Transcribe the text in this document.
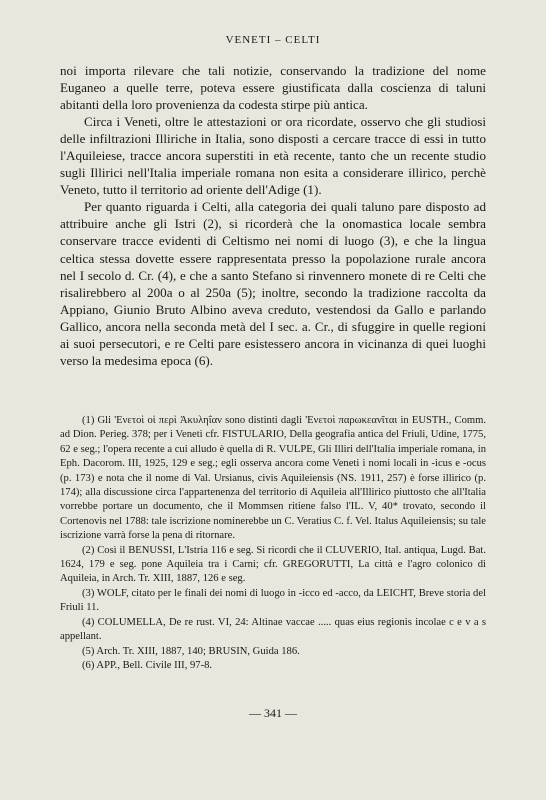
VENETI – CELTI

noi importa rilevare che tali notizie, conservando la tradizione del nome Euganeo a quelle terre, poteva essere giustificata dalla coscienza di taluni abitanti della loro provenienza da codesta stirpe più antica.

Circa i Veneti, oltre le attestazioni or ora ricordate, osservo che gli studiosi delle infiltrazioni Illiriche in Italia, sono disposti a cercare tracce di essi in tutto l'Aquileiese, tracce ancora superstiti in età recente, tanto che un recente studio sugli Illirici nell'Italia imperiale romana non esita a considerare illirico, perchè Veneto, tutto il territorio ad oriente dell'Adige (1).

Per quanto riguarda i Celti, alla categoria dei quali taluno pare disposto ad attribuire anche gli Istri (2), si ricorderà che la onomastica locale sembra conservare tracce evidenti di Celtismo nei nomi di luogo (3), e che la lingua celtica stessa dovette essere rappresentata presso la popolazione rurale ancora nel I secolo d. Cr. (4), e che a santo Stefano si rinvennero monete di re Celti che risalirebbero al 200a o al 250a (5); inoltre, secondo la tradizione raccolta da Appiano, Giunio Bruto Albino aveva creduto, vestendosi da Gallo e parlando Gallico, ancora nella seconda metà del I sec. a. Cr., di sfuggire in quelle regioni ai suoi persecutori, e re Celti pare esistessero ancora in vicinanza di quei luoghi verso la medesima epoca (6).

(1) Gli 'Ενετοὶ οἱ περὶ Ἀκυληΐαν sono distinti dagli 'Ενετοὶ παρωκεανῖται in EUSTH., Comm. ad Dion. Perieg. 378; per i Veneti cfr. FISTULARIO, Della geografia antica del Friuli, Udine, 1775, 62 e seg.; l'opera recente a cui alludo è quella di R. VULPE, Gli Illiri dell'Italia imperiale romana, in Eph. Dacorom. III, 1925, 129 e seg.; egli osserva ancora come Veneti i nomi locali in -icus e -ocus (p. 173) e nota che il nome di Val. Ursianus, civis Aquileiensis (NS. 1911, 257) è forse illirico (p. 174); alla discussione circa l'appartenenza del territorio di Aquileia all'Illirico piuttosto che all'Italia vorrebbe portare un documento, che il Mommsen ritiene falso l'IL. V, 40* trovato, secondo il Cortenovis nel 1788: tale iscrizione nominerebbe un C. Veratius C. f. Vel. Italus Aquileiensis; su tale iscrizione varrà forse la pena di ritornare.

(2) Così il BENUSSI, L'Istria 116 e seg. Si ricordi che il CLUVERIO, Ital. antiqua, Lugd. Bat. 1624, 179 e seg. pone Aquileia tra i Carni; cfr. GREGORUTTI, La città e l'agro colonico di Aquileia, in Arch. Tr. XIII, 1887, 126 e seg.

(3) WOLF, citato per le finali dei nomi di luogo in -icco ed -acco, da LEICHT, Breve storia del Friuli 11.

(4) COLUMELLA, De re rust. VI, 24: Altinae vaccae ..... quas eius regionis incolae c e v a s appellant.

(5) Arch. Tr. XIII, 1887, 140; BRUSIN, Guida 186.

(6) APP., Bell. Civile III, 97-8.

— 341 —
